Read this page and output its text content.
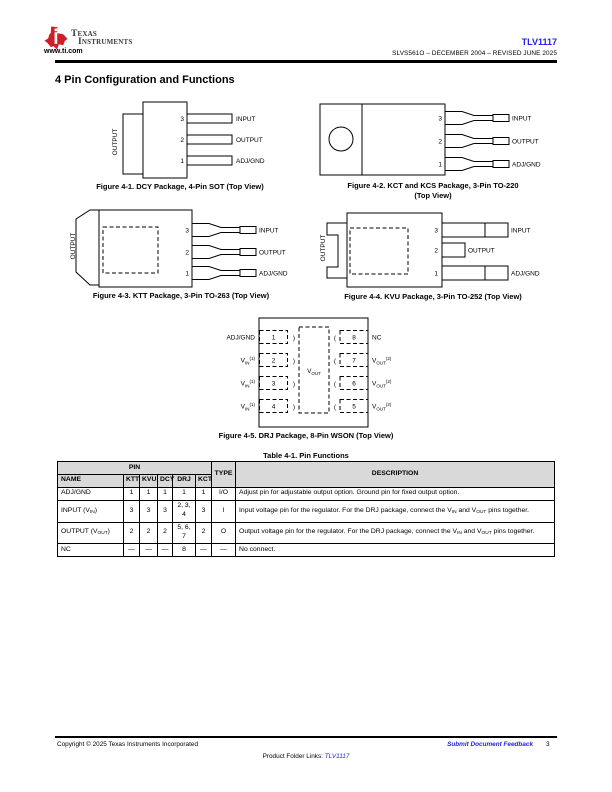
Texas
Instruments
www.ti.com
TLV1117
SLVS561O – DECEMBER 2004 – REVISED JUNE 2025
4 Pin Configuration and Functions
OUTPUT
3
2
1
INPUT
OUTPUT
ADJ/GND
Figure 4-1. DCY Package, 4-Pin SOT (Top View)
3
2
1
INPUT
OUTPUT
ADJ/GND
Figure 4-2. KCT and KCS Package, 3-Pin TO-220
(Top View)
OUTPUT
3
2
1
INPUT
OUTPUT
ADJ/GND
Figure 4-3. KTT Package, 3-Pin TO-263 (Top View)
OUTPUT
3
2
1
INPUT
OUTPUT
ADJ/GND
Figure 4-4. KVU Package, 3-Pin TO-252 (Top View)
$V_{OUT}$
1
2
3
4
)
)
)
)
8
7
6
5
(
(
(
(
ADJ/GND
$V_{IN}^{(1)}$
$V_{IN}^{(1)}$
$V_{IN}^{(1)}$
NC
$V_{OUT}^{(2)}$
$V_{OUT}^{(2)}$
$V_{OUT}^{(2)}$
Figure 4-5. DRJ Package, 8-Pin WSON (Top View)
Table 4-1. Pin Functions
PIN						TYPE	DESCRIPTION
NAME	KTT	KVU	DCY	DRJ	KCT		
ADJ/GND	1	1	1	1	1	I/O	Adjust pin for adjustable output option. Ground pin for fixed output option.
INPUT $(V_{IN})$	3	3	3	2, 3, 4	3	I	Input voltage pin for the regulator. For the DRJ package, connect the $V_{IN}$ and $V_{OUT}$ pins together.
OUTPUT $(V_{OUT})$	2	2	2	5, 6, 7	2	O	Output voltage pin for the regulator. For the DRJ package, connect the $V_{IN}$ and $V_{OUT}$ pins together.
NC	—	—	—	8	—	—	No connect.
Copyright © 2025 Texas Instruments Incorporated	Submit Document Feedback 3
Product Folder Links: TLV1117
